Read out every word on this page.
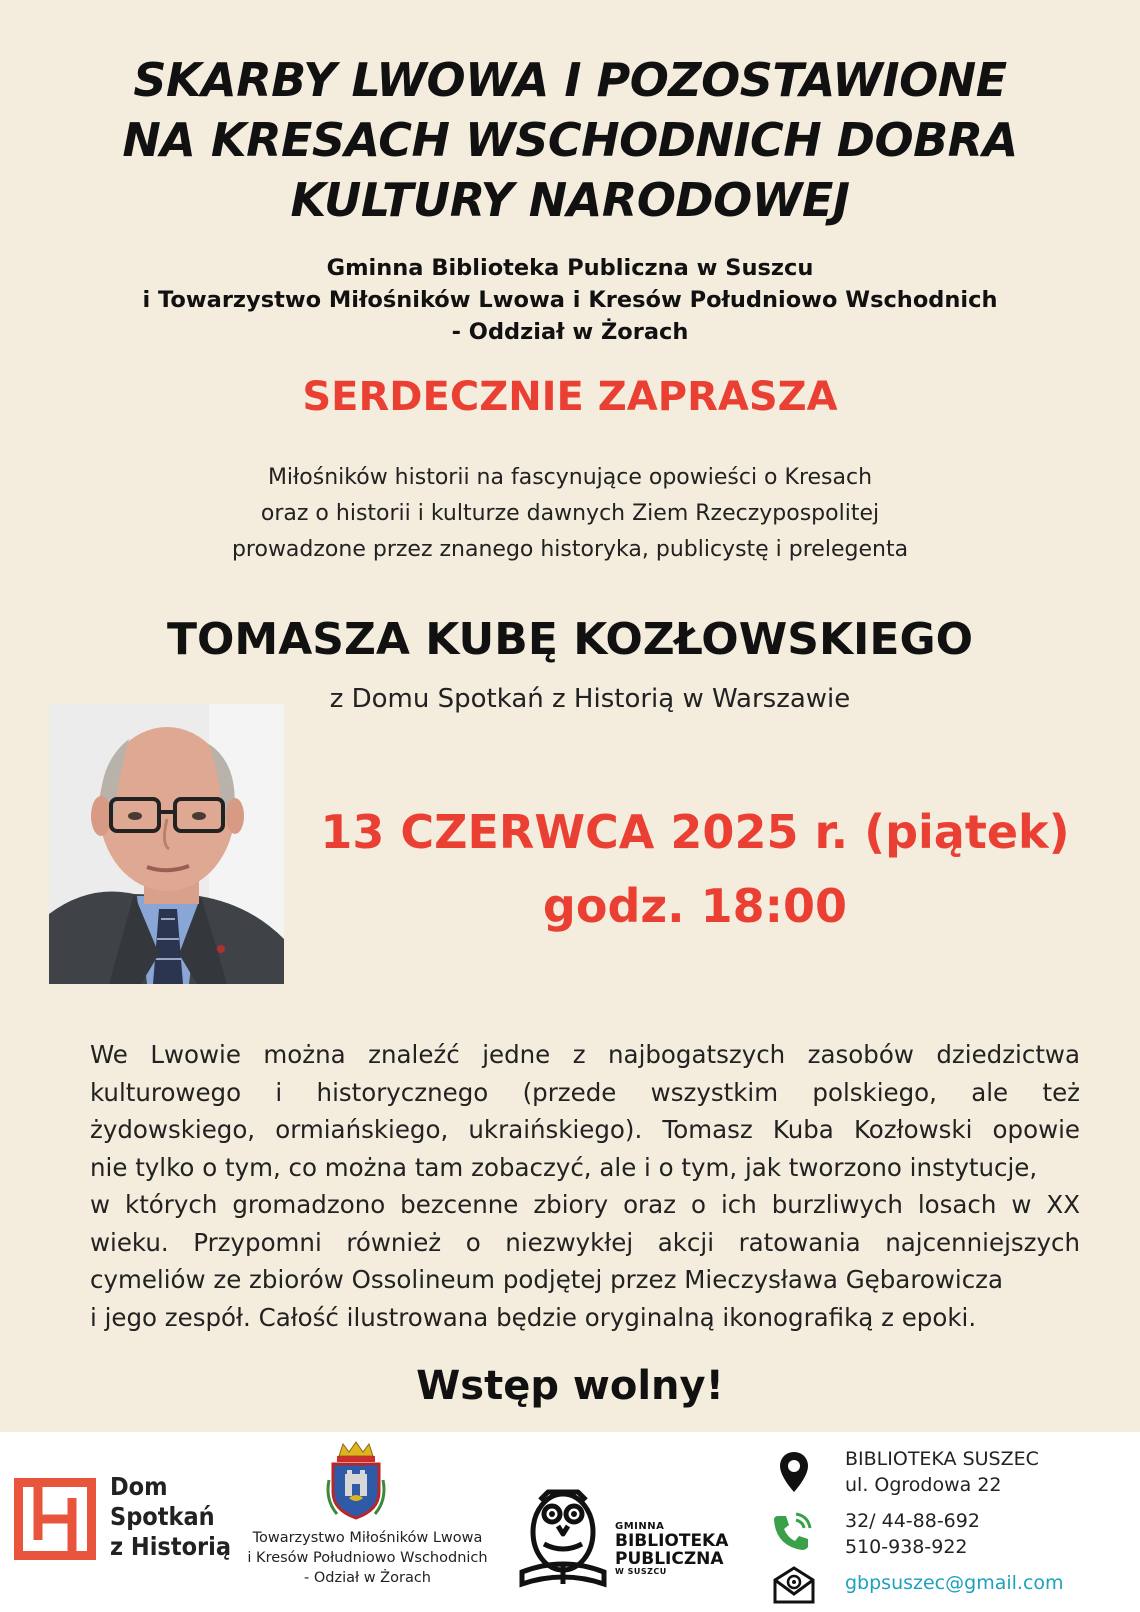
SKARBY LWOWA I POZOSTAWIONE
NA KRESACH WSCHODNICH DOBRA
KULTURY NARODOWEJ
Gminna Biblioteka Publiczna w Suszcu
i Towarzystwo Miłośników Lwowa i Kresów Południowo Wschodnich
- Oddział w Żorach
SERDECZNIE ZAPRASZA
Miłośników historii na fascynujące opowieści o Kresach
oraz o historii i kulturze dawnych Ziem Rzeczypospolitej
prowadzone przez znanego historyka, publicystę i prelegenta
TOMASZA KUBĘ KOZŁOWSKIEGO
z Domu Spotkań z Historią w Warszawie
13 CZERWCA 2025 r. (piątek)
godz. 18:00
We Lwowie można znaleźć jedne z najbogatszych zasobów dziedzictwa
kulturowego i historycznego (przede wszystkim polskiego, ale też
żydowskiego, ormiańskiego, ukraińskiego). Tomasz Kuba Kozłowski opowie
nie tylko o tym, co można tam zobaczyć, ale i o tym, jak tworzono instytucje,
w których gromadzono bezcenne zbiory oraz o ich burzliwych losach w XX
wieku. Przypomni również o niezwykłej akcji ratowania najcenniejszych
cymeliów ze zbiorów Ossolineum podjętej przez Mieczysława Gębarowicza
i jego zespół. Całość ilustrowana będzie oryginalną ikonografiką z epoki.
Wstęp wolny!
Dom
Spotkań
z Historią	Towarzystwo Miłośników Lwowa
i Kresów Południowo Wschodnich
- Odział w Żorach
GMINNA
BIBLIOTEKA
PUBLICZNA
W SUSZCU
BIBLIOTEKA SUSZEC
ul. Ogrodowa 22
32/ 44-88-692
510-938-922
gbpsuszec@gmail.com
